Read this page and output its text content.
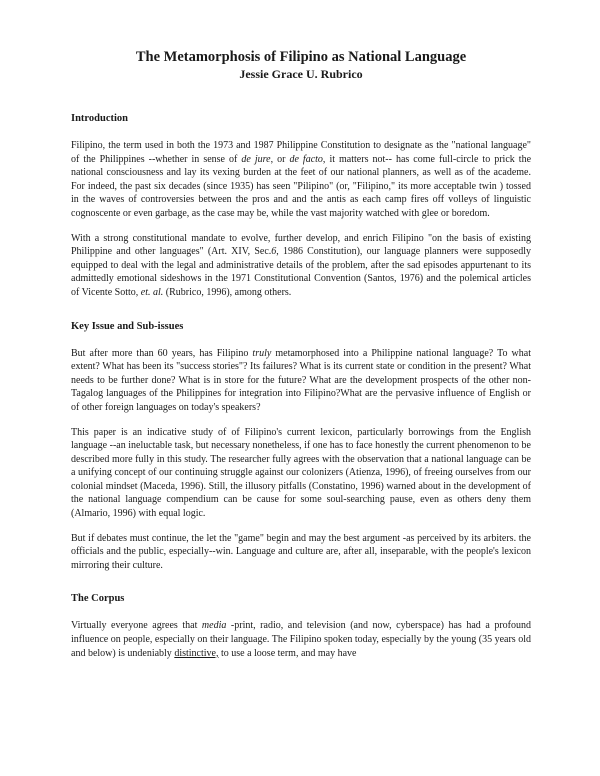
The Metamorphosis of Filipino as National Language
Jessie Grace U. Rubrico
Introduction

Filipino, the term used in both the 1973 and 1987 Philippine Constitution to designate as the "national language" of the Philippines --whether in sense of de jure, or de facto, it matters not-- has come full-circle to prick the national consciousness and lay its vexing burden at the feet of our national planners, as well as of the academe. For indeed, the past six decades (since 1935) has seen "Pilipino" (or, "Filipino," its more acceptable twin ) tossed in the waves of controversies between the pros and and the antis as each camp fires off volleys of linguistic cognoscente or even garbage, as the case may be, while the vast majority watched with glee or boredom.

With a strong constitutional mandate to evolve, further develop, and enrich Filipino "on the basis of existing Philippine and other languages" (Art. XIV, Sec.6, 1986 Constitution), our language planners were supposedly equipped to deal with the legal and administrative details of the problem, after the sad episodes appurtenant to its admittedly emotional sideshows in the 1971 Constitutional Convention (Santos, 1976) and the polemical articles of Vicente Sotto, et. al. (Rubrico, 1996), among others.

Key Issue and Sub-issues

But after more than 60 years, has Filipino truly metamorphosed into a Philippine national language? To what extent? What has been its "success stories"? Its failures? What is its current state or condition in the present? What needs to be further done? What is in store for the future? What are the development prospects of the other non-Tagalog languages of the Philippines for integration into Filipino?What are the pervasive influence of English or of other foreign languages on today's speakers?

This paper is an indicative study of of Filipino's current lexicon, particularly borrowings from the English language --an ineluctable task, but necessary nonetheless, if one has to face honestly the current phenomenon to be described more fully in this study. The researcher fully agrees with the observation that a national language can be a unifying concept of our continuing struggle against our colonizers (Atienza, 1996), of freeing ourselves from our colonial mindset (Maceda, 1996). Still, the illusory pitfalls (Constatino, 1996) warned about in the development of the national language compendium can be cause for some soul-searching pause, even as others deny them (Almario, 1996) with equal logic.

But if debates must continue, the let the "game" begin and may the best argument -as perceived by its arbiters. the officials and the public, especially--win. Language and culture are, after all, inseparable, with the people's lexicon mirroring their culture.

The Corpus

Virtually everyone agrees that media -print, radio, and television (and now, cyberspace) has had a profound influence on people, especially on their language. The Filipino spoken today, especially by the young (35 years old and below) is undeniably distinctive, to use a loose term, and may have
